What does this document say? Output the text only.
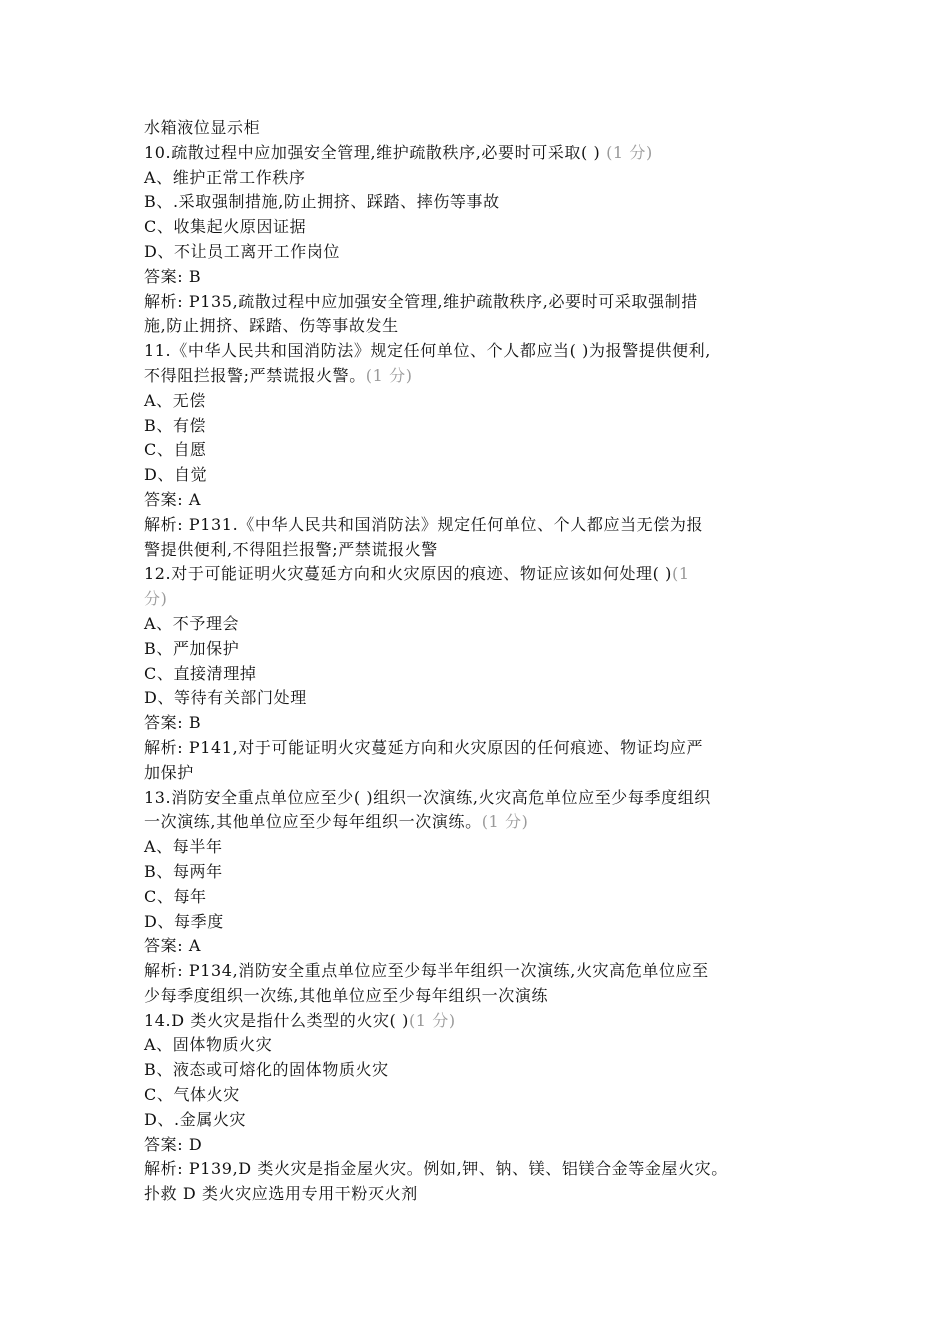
水箱液位显示柜
10.疏散过程中应加强安全管理,维护疏散秩序,必要时可采取( ) (1 分)
A、维护正常工作秩序
B、.采取强制措施,防止拥挤、踩踏、摔伤等事故
C、收集起火原因证据
D、不让员工离开工作岗位
答案: B
解析: P135,疏散过程中应加强安全管理,维护疏散秩序,必要时可采取强制措
施,防止拥挤、踩踏、伤等事故发生
11.《中华人民共和国消防法》规定任何单位、个人都应当( )为报警提供便利,
不得阻拦报警;严禁谎报火警。(1 分)
A、无偿
B、有偿
C、自愿
D、自觉
答案: A
解析: P131.《中华人民共和国消防法》规定任何单位、个人都应当无偿为报
警提供便利,不得阻拦报警;严禁谎报火警
12.对于可能证明火灾蔓延方向和火灾原因的痕迹、物证应该如何处理( )(1
分)
A、不予理会
B、严加保护
C、直接清理掉
D、等待有关部门处理
答案: B
解析: P141,对于可能证明火灾蔓延方向和火灾原因的任何痕迹、物证均应严
加保护
13.消防安全重点单位应至少( )组织一次演练,火灾高危单位应至少每季度组织
一次演练,其他单位应至少每年组织一次演练。(1 分)
A、每半年
B、每两年
C、每年
D、每季度
答案: A
解析: P134,消防安全重点单位应至少每半年组织一次演练,火灾高危单位应至
少每季度组织一次练,其他单位应至少每年组织一次演练
14.D 类火灾是指什么类型的火灾( )(1 分)
A、固体物质火灾
B、液态或可熔化的固体物质火灾
C、气体火灾
D、.金属火灾
答案: D
解析: P139,D 类火灾是指金屋火灾。例如,钾、钠、镁、铝镁合金等金屋火灾。
扑救 D 类火灾应选用专用干粉灭火剂
